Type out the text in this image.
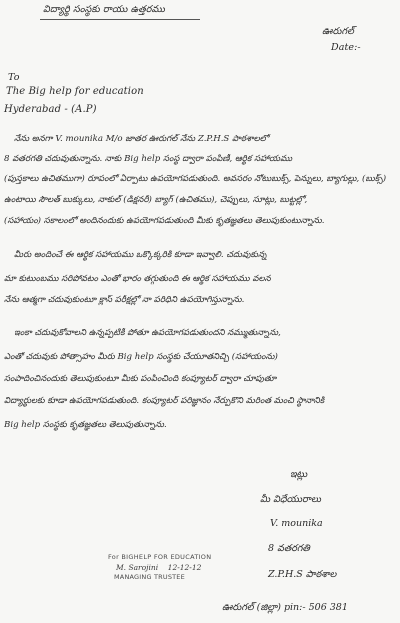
విద్యార్థి సంస్థకు రాయు ఉత్తరము
ఊరుగల్
Date:-
To
The Big help for education
Hyderabad - (A.P)
నేను అనగా V. mounika M/o జాతర ఊరుగల్ నేను Z.P.H.S పాఠశాలలో
8 వతరగతి చదువుతున్నాను. నాకు Big help సంస్థ ద్వారా పంపిణీ, ఆర్థిక సహాయము
(పుస్తకాలు ఉచితముగా) రూపంలో ఏర్పాటు ఉపయోగపడుతుంది. అవసరం నోటుబుక్స్, పెన్నులు, బ్యాగుల్లు, (బుక్స్)
ఉంటాయి సౌలత్ బుక్కులు, నాకుల్ (డిక్షనరీ) బ్యాగ్ (ఉచితము), చెప్పులు, సూట్లు, బుట్టల్లో,
(సహాయం) సకాలంలో అందినందుకు ఉపయోగపడుతుంది మీకు కృతజ్ఞతలు తెలుపుకుంటున్నాను.
మీరు అందించే ఈ ఆర్థిక సహాయము ఒక్కొక్కరికి కూడా ఇవ్వాలి. చదువుకున్న
మా కుటుంబము సరిపోవటం ఎంతో భారం తగ్గుతుంది ఈ ఆర్థిక సహాయము వలన
నేను ఆత్మగా చదువుకుంటూ క్లాస్ పరీక్షల్లో నా పరిధిని ఉపయోగిస్తున్నాను.
ఇంకా చదువుకోవాలని ఉన్నప్పటికీ పోతూ ఉపయోగపడుతుందని నమ్ముతున్నాను,
ఎంతో చదువుకు పోత్సాహం మీరు Big help సంస్థకు చేయూతనిచ్చి (సహాయంను)
సంపాదించినందుకు తెలుపుకుంటూ మీకు పంపించింది కంప్యూటర్ ద్వారా చూపుతూ
విద్యార్థులకు కూడా ఉపయోగపడుతుంది. కంప్యూటర్ పరిజ్ఞానం నేర్పుకొని మరింత మంచి స్థానానికి
Big help సంస్థకు కృతజ్ఞతలు తెలుపుతున్నాను.
ఇట్లు
మీ విధేయురాలు
V. mounika
8 వతరగతి
Z.P.H.S పాఠశాల
ఊరుగల్ (జిల్లా) pin:- 506 381
For BIGHELP FOR EDUCATION
M. Sarojini 12-12-12
MANAGING TRUSTEE
